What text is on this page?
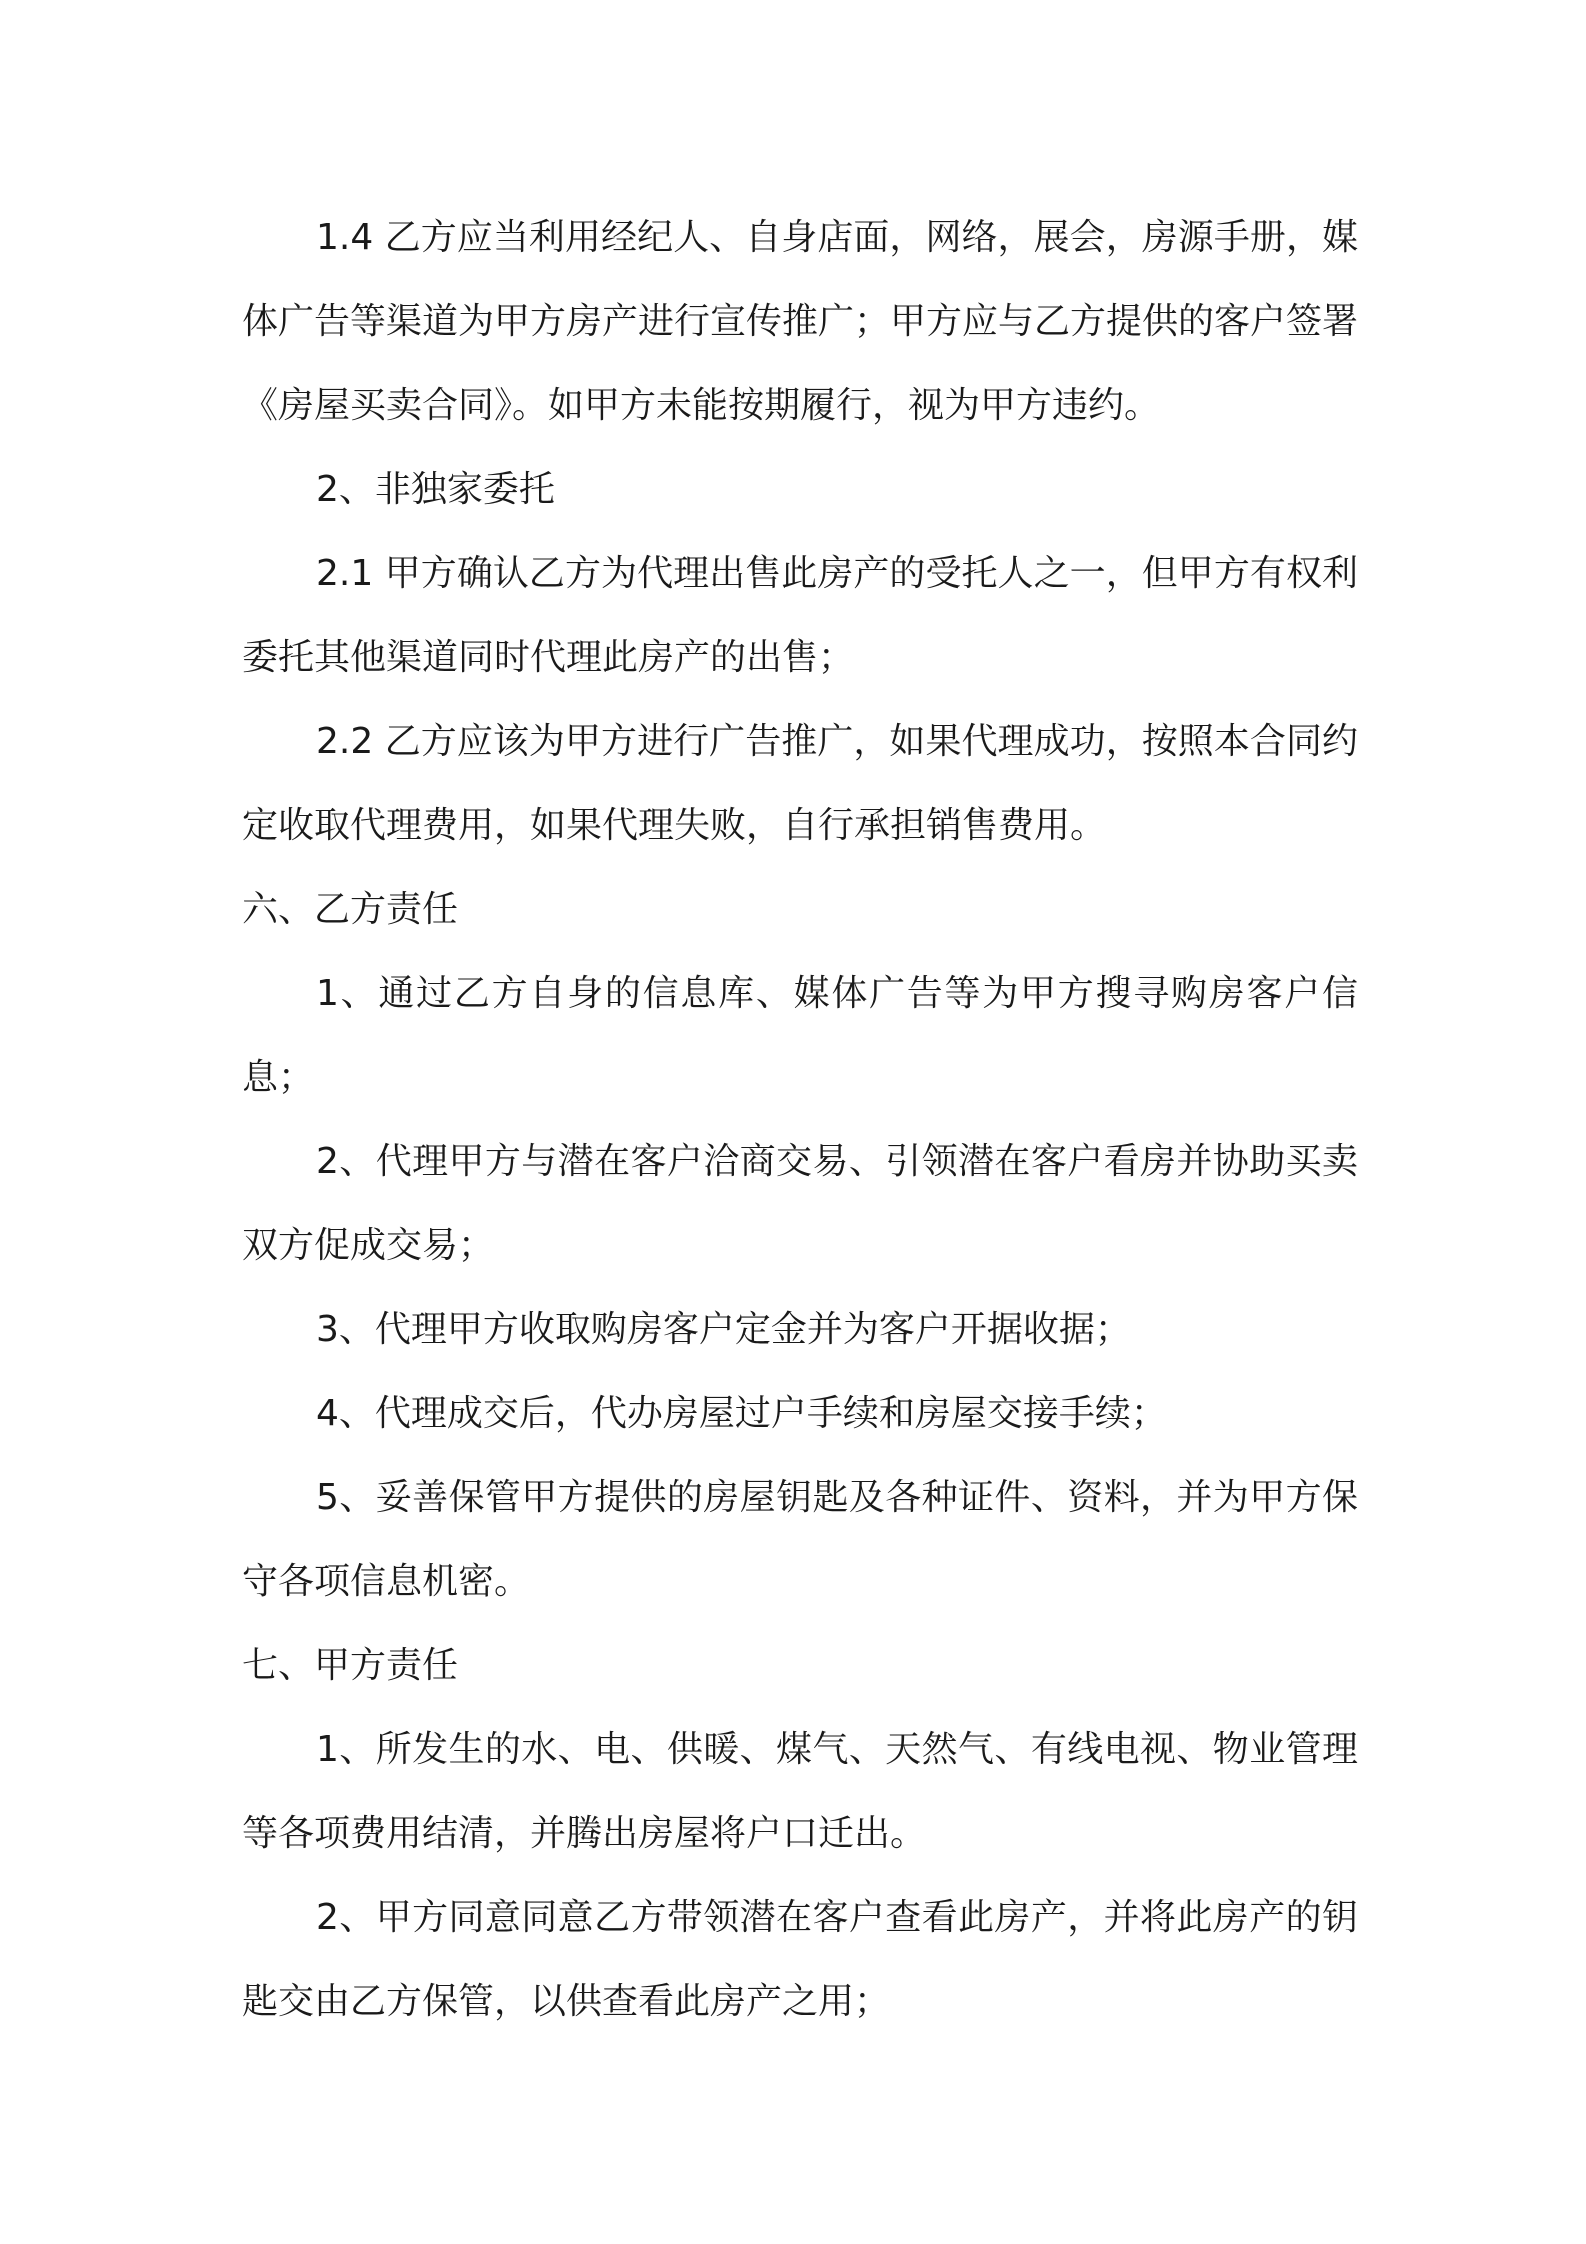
1.4 乙方应当利用经纪人、自身店面，网络，展会，房源手册，媒体广告等渠道为甲方房产进行宣传推广；甲方应与乙方提供的客户签署《房屋买卖合同》。如甲方未能按期履行，视为甲方违约。

2、非独家委托

2.1 甲方确认乙方为代理出售此房产的受托人之一，但甲方有权利委托其他渠道同时代理此房产的出售；

2.2 乙方应该为甲方进行广告推广，如果代理成功，按照本合同约定收取代理费用，如果代理失败，自行承担销售费用。

六、乙方责任

1、通过乙方自身的信息库、媒体广告等为甲方搜寻购房客户信息；

2、代理甲方与潜在客户洽商交易、引领潜在客户看房并协助买卖双方促成交易；

3、代理甲方收取购房客户定金并为客户开据收据；

4、代理成交后，代办房屋过户手续和房屋交接手续；

5、妥善保管甲方提供的房屋钥匙及各种证件、资料，并为甲方保守各项信息机密。

七、甲方责任

1、所发生的水、电、供暖、煤气、天然气、有线电视、物业管理等各项费用结清，并腾出房屋将户口迁出。

2、甲方同意同意乙方带领潜在客户查看此房产，并将此房产的钥匙交由乙方保管，以供查看此房产之用；
